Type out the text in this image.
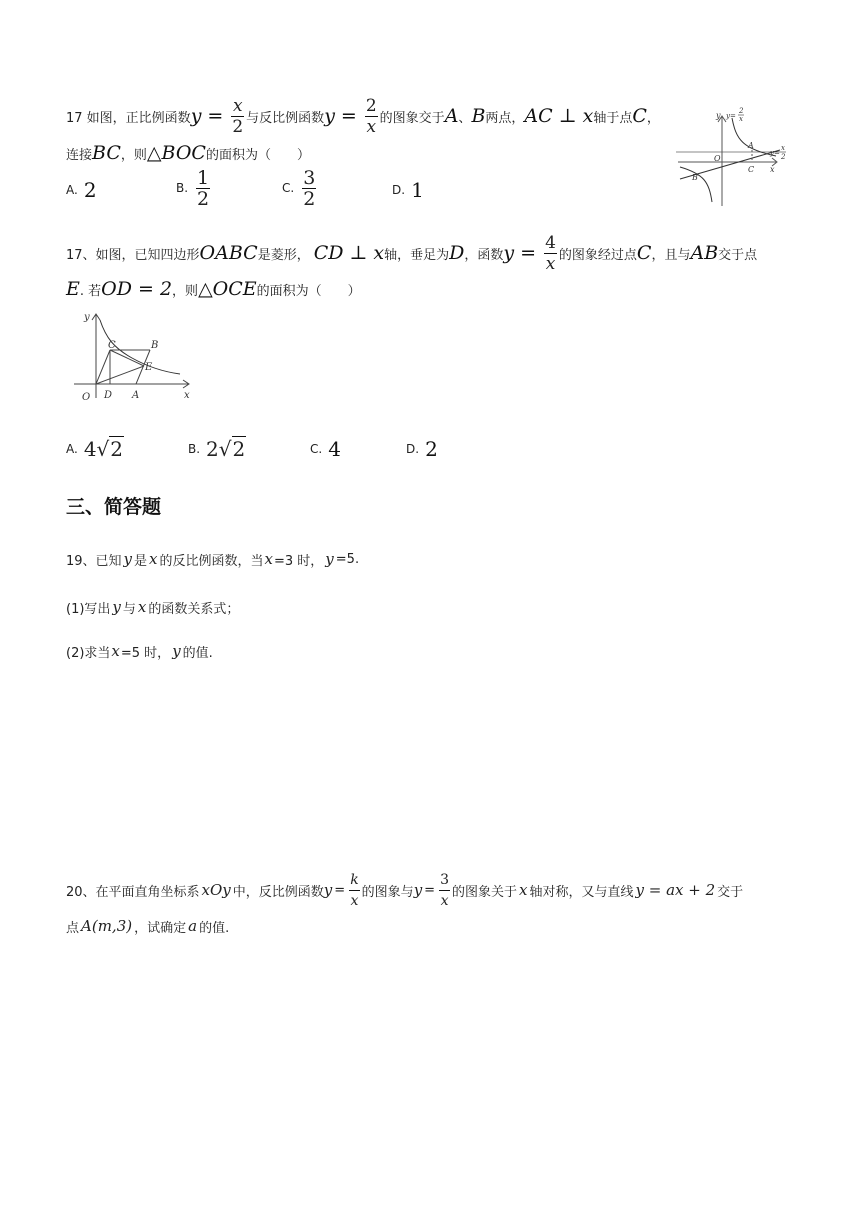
17 如图，正比例函数 $y = \frac{x}{2}$ 与反比例函数 $y = \frac{2}{x}$ 的图象交于 A 、 B 两点， AC ⊥ x 轴于点 C ，
连接 BC ，则 △BOC 的面积为（　　）
A. 2	B. $\frac{1}{2}$	C. $\frac{3}{2}$	D. 1
y y=
2
x
y=
x
2
O
A
B
C x
17、如图，已知四边形 OABC 是菱形， CD ⊥ x 轴，垂足为 D ，函数 $y = \frac{4}{x}$ 的图象经过点 C ，且与 AB 交于点
E . 若 OD = 2 ，则 △OCE 的面积为（　　）
y
C	B
E
O D A	x
A. 4√2	B. 2√2	C. 4	D. 2
三、简答题
19、已知 y 是 x 的反比例函数，当 x =3 时， y =5.
(1)写出 y 与 x 的函数关系式；
(2)求当 x =5 时， y 的值.
20、在平面直角坐标系 xOy 中，反比例函数 $y = \frac{k}{x}$ 的图象与 $y = \frac{3}{x}$ 的图象关于 x 轴对称，又与直线 y = ax + 2 交于
点 A(m,3) ，试确定 a 的值.
